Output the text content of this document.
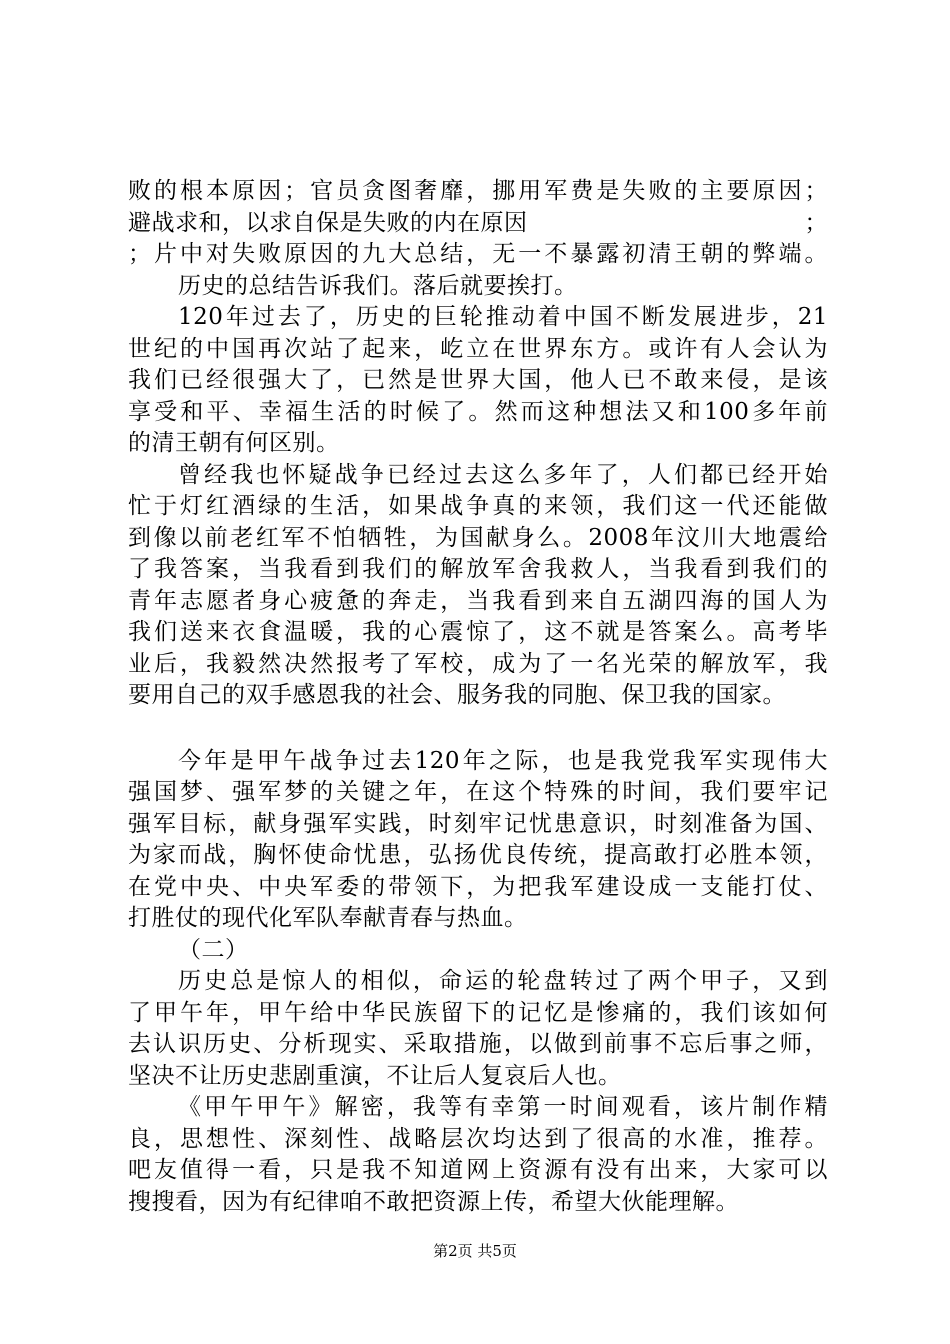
败的根本原因；官员贪图奢靡，挪用军费是失败的主要原因；
避战求和，以求自保是失败的内在原因	；
；片中对失败原因的九大总结，无一不暴露初清王朝的弊端。
历史的总结告诉我们。落后就要挨打。
120年过去了，历史的巨轮推动着中国不断发展进步，21
世纪的中国再次站了起来，屹立在世界东方。或许有人会认为
我们已经很强大了，已然是世界大国，他人已不敢来侵，是该
享受和平、幸福生活的时候了。然而这种想法又和100多年前
的清王朝有何区别。
曾经我也怀疑战争已经过去这么多年了，人们都已经开始
忙于灯红酒绿的生活，如果战争真的来领，我们这一代还能做
到像以前老红军不怕牺牲，为国献身么。2008年汶川大地震给
了我答案，当我看到我们的解放军舍我救人，当我看到我们的
青年志愿者身心疲惫的奔走，当我看到来自五湖四海的国人为
我们送来衣食温暖，我的心震惊了，这不就是答案么。高考毕
业后，我毅然决然报考了军校，成为了一名光荣的解放军，我
要用自己的双手感恩我的社会、服务我的同胞、保卫我的国家。
今年是甲午战争过去120年之际，也是我党我军实现伟大
强国梦、强军梦的关键之年，在这个特殊的时间，我们要牢记
强军目标，献身强军实践，时刻牢记忧患意识，时刻准备为国、
为家而战，胸怀使命忧患，弘扬优良传统，提高敢打必胜本领，
在党中央、中央军委的带领下，为把我军建设成一支能打仗、
打胜仗的现代化军队奉献青春与热血。
（二）
历史总是惊人的相似，命运的轮盘转过了两个甲子，又到
了甲午年，甲午给中华民族留下的记忆是惨痛的，我们该如何
去认识历史、分析现实、采取措施，以做到前事不忘后事之师，
坚决不让历史悲剧重演，不让后人复哀后人也。
《甲午甲午》解密，我等有幸第一时间观看，该片制作精
良，思想性、深刻性、战略层次均达到了很高的水准，推荐。
吧友值得一看，只是我不知道网上资源有没有出来，大家可以
搜搜看，因为有纪律咱不敢把资源上传，希望大伙能理解。
第2页 共5页
